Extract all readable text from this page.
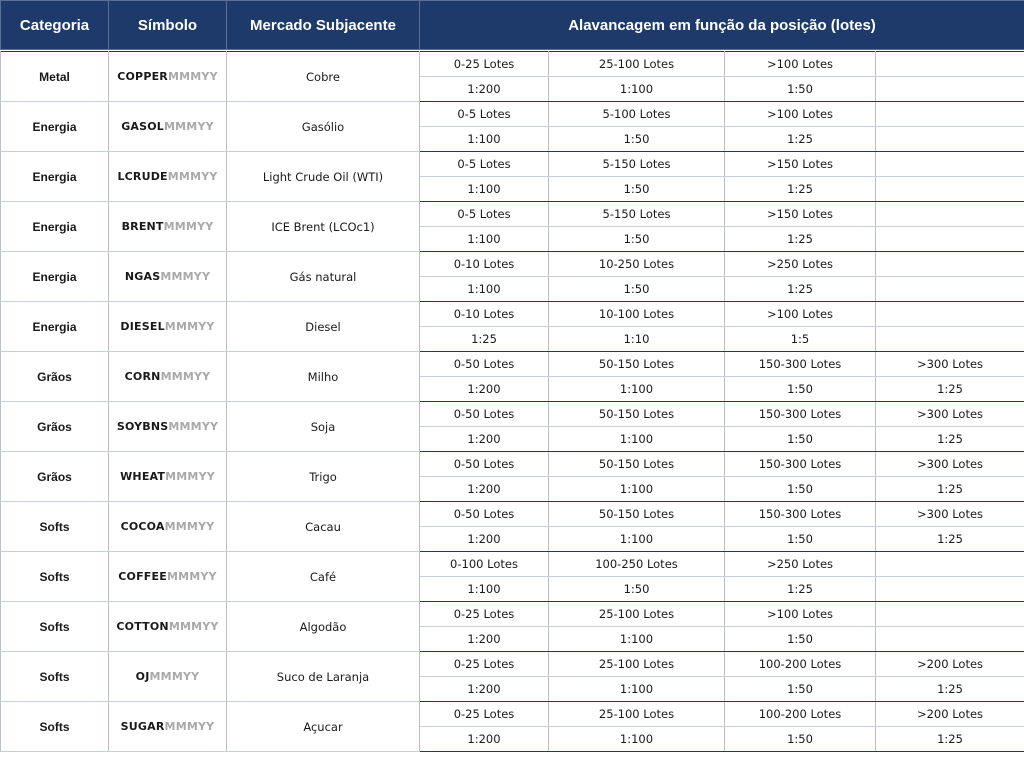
Categoria	Símbolo	Mercado Subjacente	Alavancagem em função da posição (lotes)			

Metal	COPPERMMMYY	Cobre	0-25 Lotes	25-100 Lotes	>100 Lotes	
			1:200	1:100	1:50	
Energia	GASOLMMMYY	Gasólio	0-5 Lotes	5-100 Lotes	>100 Lotes	
			1:100	1:50	1:25	
Energia	LCRUDEMMMYY	Light Crude Oil (WTI)	0-5 Lotes	5-150 Lotes	>150 Lotes	
			1:100	1:50	1:25	
Energia	BRENTMMMYY	ICE Brent (LCOc1)	0-5 Lotes	5-150 Lotes	>150 Lotes	
			1:100	1:50	1:25	
Energia	NGASMMMYY	Gás natural	0-10 Lotes	10-250 Lotes	>250 Lotes	
			1:100	1:50	1:25	
Energia	DIESELMMMYY	Diesel	0-10 Lotes	10-100 Lotes	>100 Lotes	
			1:25	1:10	1:5	
Grãos	CORNMMMYY	Milho	0-50 Lotes	50-150 Lotes	150-300 Lotes	>300 Lotes
			1:200	1:100	1:50	1:25
Grãos	SOYBNSMMMYY	Soja	0-50 Lotes	50-150 Lotes	150-300 Lotes	>300 Lotes
			1:200	1:100	1:50	1:25
Grãos	WHEATMMMYY	Trigo	0-50 Lotes	50-150 Lotes	150-300 Lotes	>300 Lotes
			1:200	1:100	1:50	1:25
Softs	COCOAMMMYY	Cacau	0-50 Lotes	50-150 Lotes	150-300 Lotes	>300 Lotes
			1:200	1:100	1:50	1:25
Softs	COFFEEMMMYY	Café	0-100 Lotes	100-250 Lotes	>250 Lotes	
			1:100	1:50	1:25	
Softs	COTTONMMMYY	Algodão	0-25 Lotes	25-100 Lotes	>100 Lotes	
			1:200	1:100	1:50	
Softs	OJMMMYY	Suco de Laranja	0-25 Lotes	25-100 Lotes	100-200 Lotes	>200 Lotes
			1:200	1:100	1:50	1:25
Softs	SUGARMMMYY	Açucar	0-25 Lotes	25-100 Lotes	100-200 Lotes	>200 Lotes
			1:200	1:100	1:50	1:25
